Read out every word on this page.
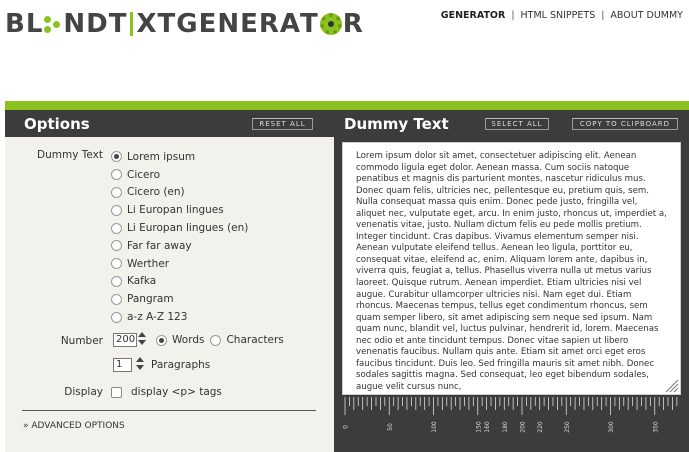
BL NDT XTGENERA T R	GENERATOR | HTML SNIPPETS | ABOUT DUMMY
Options	RESET ALL
Dummy Text Lorem ipsum
Cicero
Cicero (en)
Li Europan lingues
Li Europan lingues (en)
Far far away
Werther
Kafka
Pangram
a-z A-Z 123
Number	200	Words Characters
1	Paragraphs
Display	display <p> tags
» ADVANCED OPTIONS
Dummy Text	SELECT ALL	COPY TO CLIPBOARD
Lorem ipsum dolor sit amet, consectetuer adipiscing elit. Aenean commodo ligula eget dolor. Aenean massa. Cum sociis natoque penatibus et magnis dis parturient montes, nascetur ridiculus mus. Donec quam felis, ultricies nec, pellentesque eu, pretium quis, sem. Nulla consequat massa quis enim. Donec pede justo, fringilla vel, aliquet nec, vulputate eget, arcu. In enim justo, rhoncus ut, imperdiet a, venenatis vitae, justo. Nullam dictum felis eu pede mollis pretium. Integer tincidunt. Cras dapibus. Vivamus elementum semper nisi. Aenean vulputate eleifend tellus. Aenean leo ligula, porttitor eu, consequat vitae, eleifend ac, enim. Aliquam lorem ante, dapibus in, viverra quis, feugiat a, tellus. Phasellus viverra nulla ut metus varius laoreet. Quisque rutrum. Aenean imperdiet. Etiam ultricies nisi vel augue. Curabitur ullamcorper ultricies nisi. Nam eget dui. Etiam rhoncus. Maecenas tempus, tellus eget condimentum rhoncus, sem quam semper libero, sit amet adipiscing sem neque sed ipsum. Nam quam nunc, blandit vel, luctus pulvinar, hendrerit id, lorem. Maecenas nec odio et ante tincidunt tempus. Donec vitae sapien ut libero venenatis faucibus. Nullam quis ante. Etiam sit amet orci eget eros faucibus tincidunt. Duis leo. Sed fringilla mauris sit amet nibh. Donec sodales sagittis magna. Sed consequat, leo eget bibendum sodales, augue velit cursus nunc,
0	50	100	150 160 180 200 220	250	300	350
